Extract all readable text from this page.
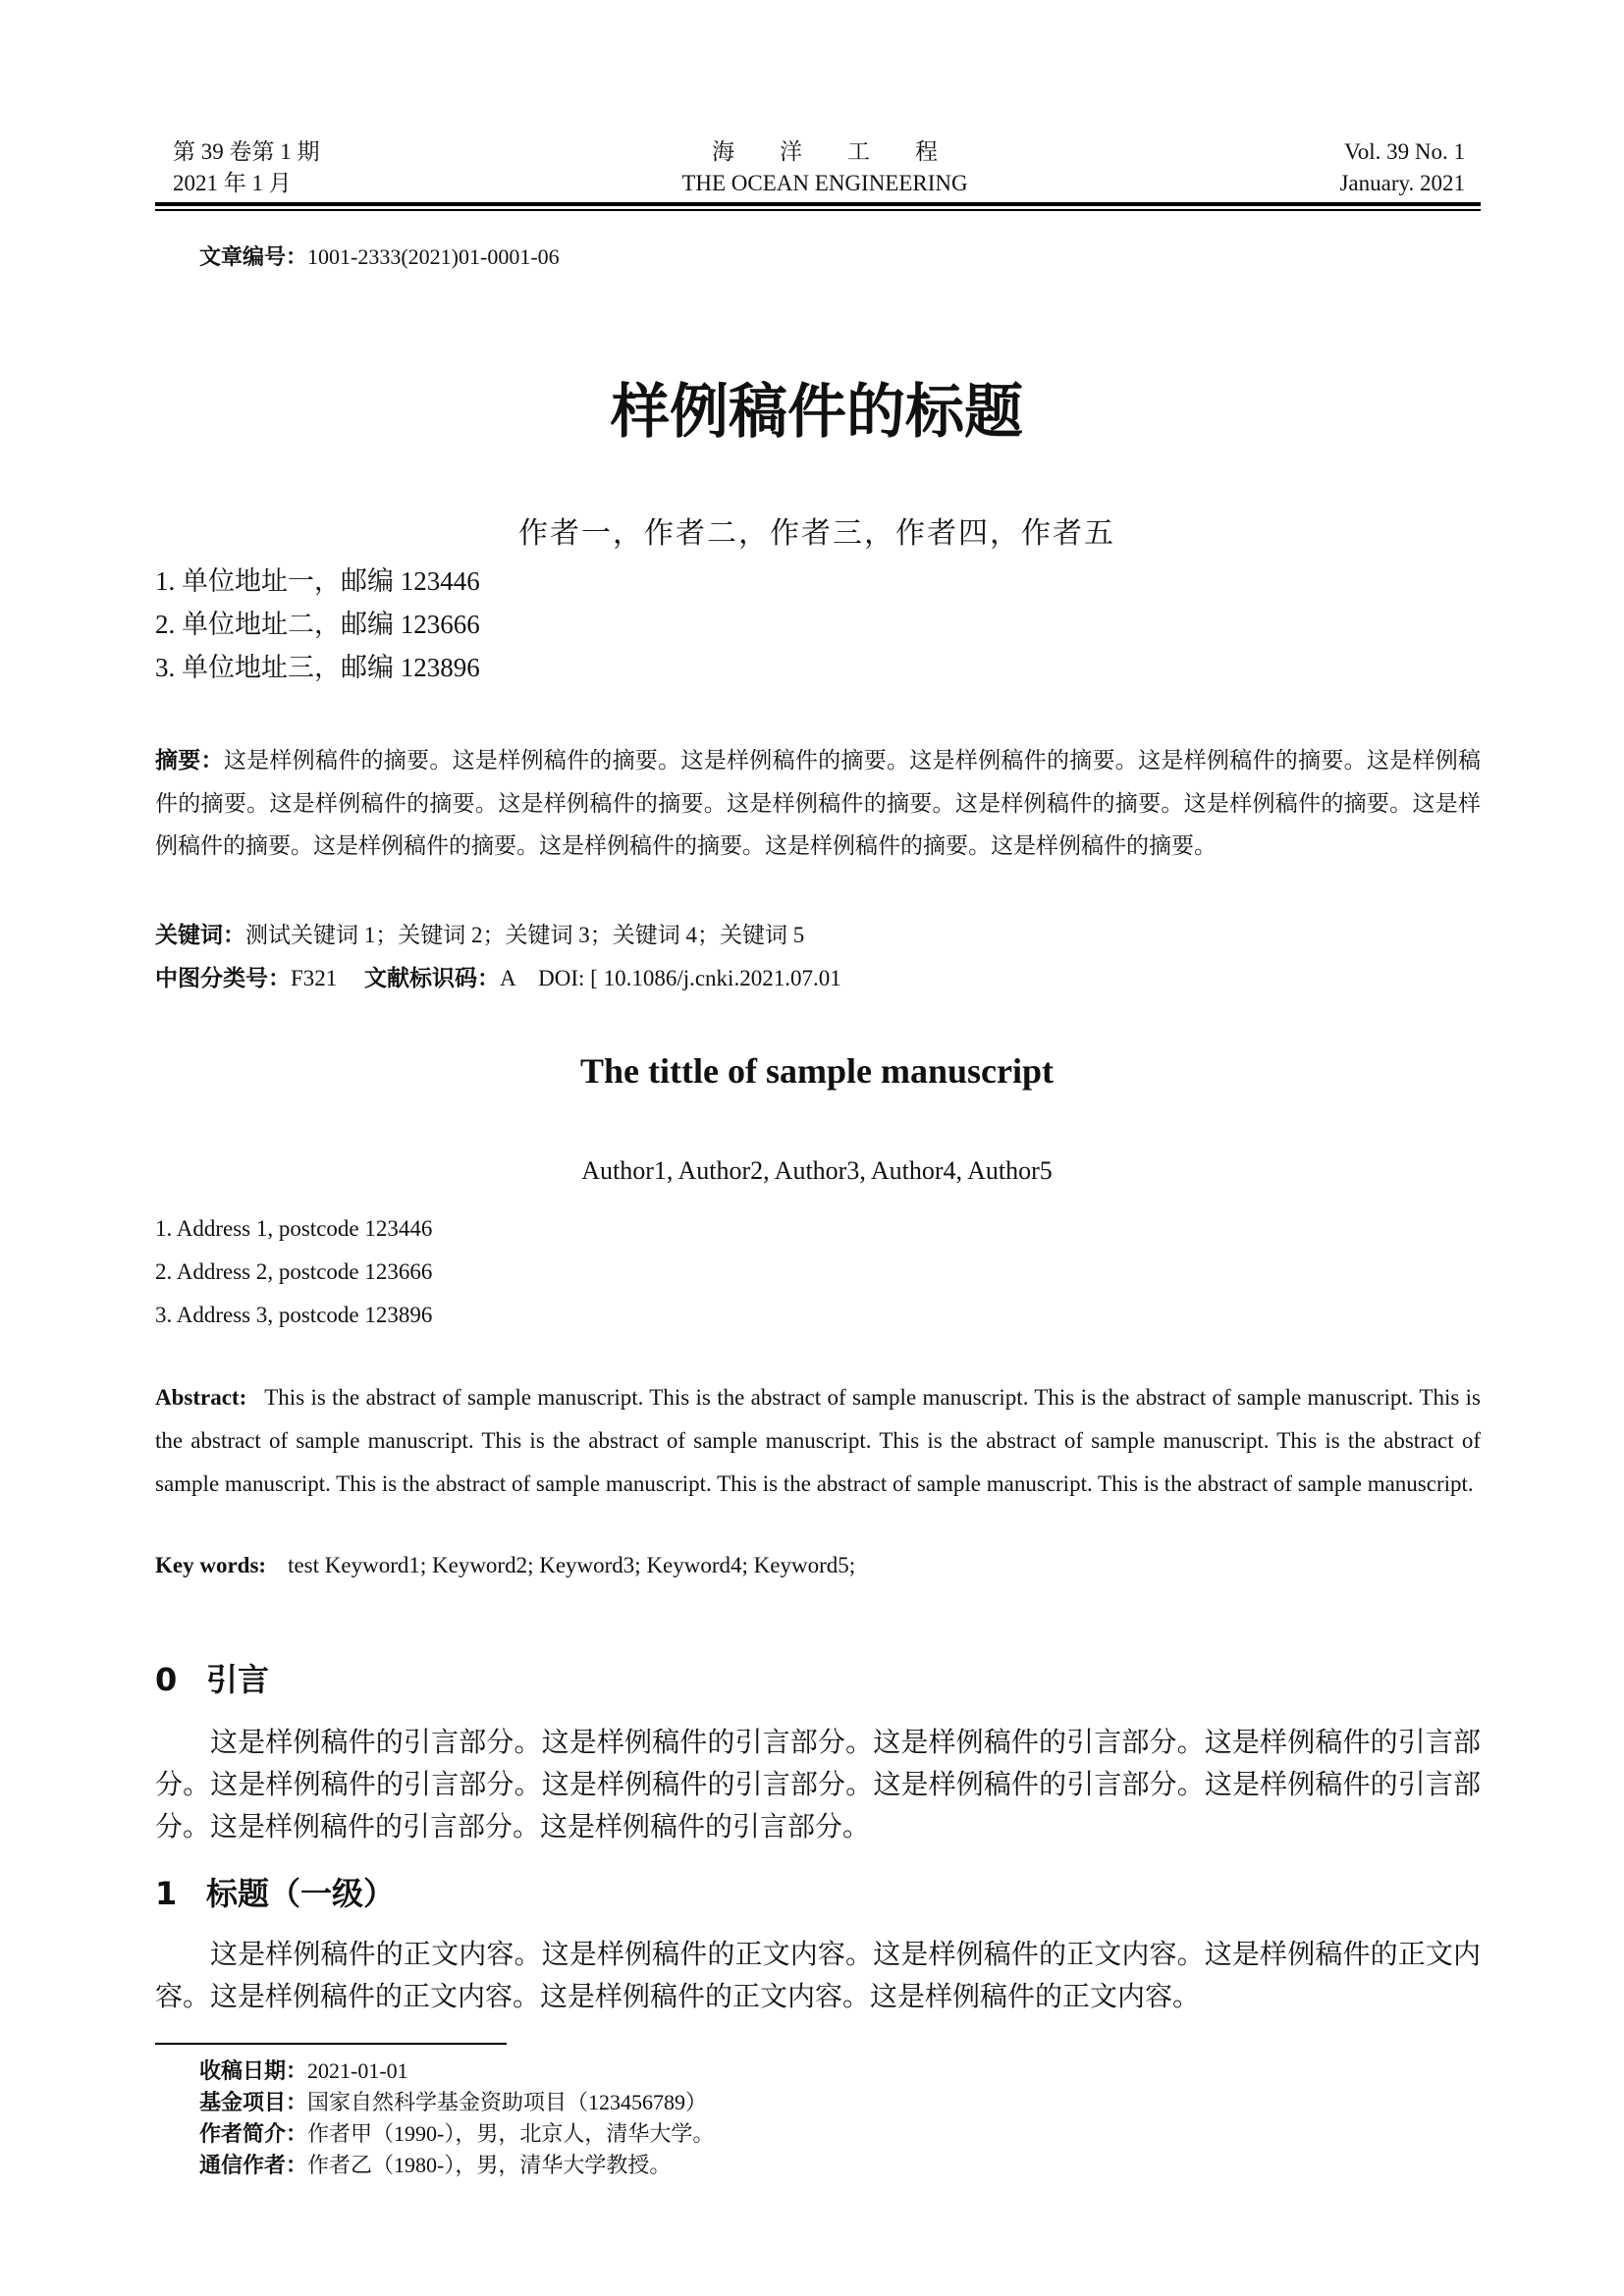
第 39 卷第 1 期
2021 年 1 月
海　　洋　　工　　程
THE OCEAN ENGINEERING
Vol. 39 No. 1
January. 2021
文章编号：1001-2333(2021)01-0001-06
样例稿件的标题
作者一，作者二，作者三，作者四，作者五
1. 单位地址一，邮编 123446
2. 单位地址二，邮编 123666
3. 单位地址三，邮编 123896
摘要：这是样例稿件的摘要。这是样例稿件的摘要。这是样例稿件的摘要。这是样例稿件的摘要。这是样例稿件的摘要。这是样例稿件的摘要。这是样例稿件的摘要。这是样例稿件的摘要。这是样例稿件的摘要。这是样例稿件的摘要。这是样例稿件的摘要。这是样例稿件的摘要。这是样例稿件的摘要。这是样例稿件的摘要。这是样例稿件的摘要。这是样例稿件的摘要。
关键词：测试关键词 1；关键词 2；关键词 3；关键词 4；关键词 5
中图分类号：F321 文献标识码：A DOI: [ 10.1086/j.cnki.2021.07.01
The tittle of sample manuscript
Author1, Author2, Author3, Author4, Author5
1. Address 1, postcode 123446
2. Address 2, postcode 123666
3. Address 3, postcode 123896
Abstract: This is the abstract of sample manuscript. This is the abstract of sample manuscript. This is the abstract of sample manuscript. This is the abstract of sample manuscript. This is the abstract of sample manuscript. This is the abstract of sample manuscript. This is the abstract of sample manuscript. This is the abstract of sample manuscript. This is the abstract of sample manuscript. This is the abstract of sample manuscript.
Key words: test Keyword1; Keyword2; Keyword3; Keyword4; Keyword5;
0 引言
这是样例稿件的引言部分。这是样例稿件的引言部分。这是样例稿件的引言部分。这是样例稿件的引言部分。这是样例稿件的引言部分。这是样例稿件的引言部分。这是样例稿件的引言部分。这是样例稿件的引言部分。这是样例稿件的引言部分。这是样例稿件的引言部分。
1 标题（一级）
这是样例稿件的正文内容。这是样例稿件的正文内容。这是样例稿件的正文内容。这是样例稿件的正文内容。这是样例稿件的正文内容。这是样例稿件的正文内容。这是样例稿件的正文内容。
收稿日期：2021-01-01
基金项目：国家自然科学基金资助项目（123456789）
作者简介：作者甲（1990-），男，北京人，清华大学。
通信作者：作者乙（1980-），男，清华大学教授。
